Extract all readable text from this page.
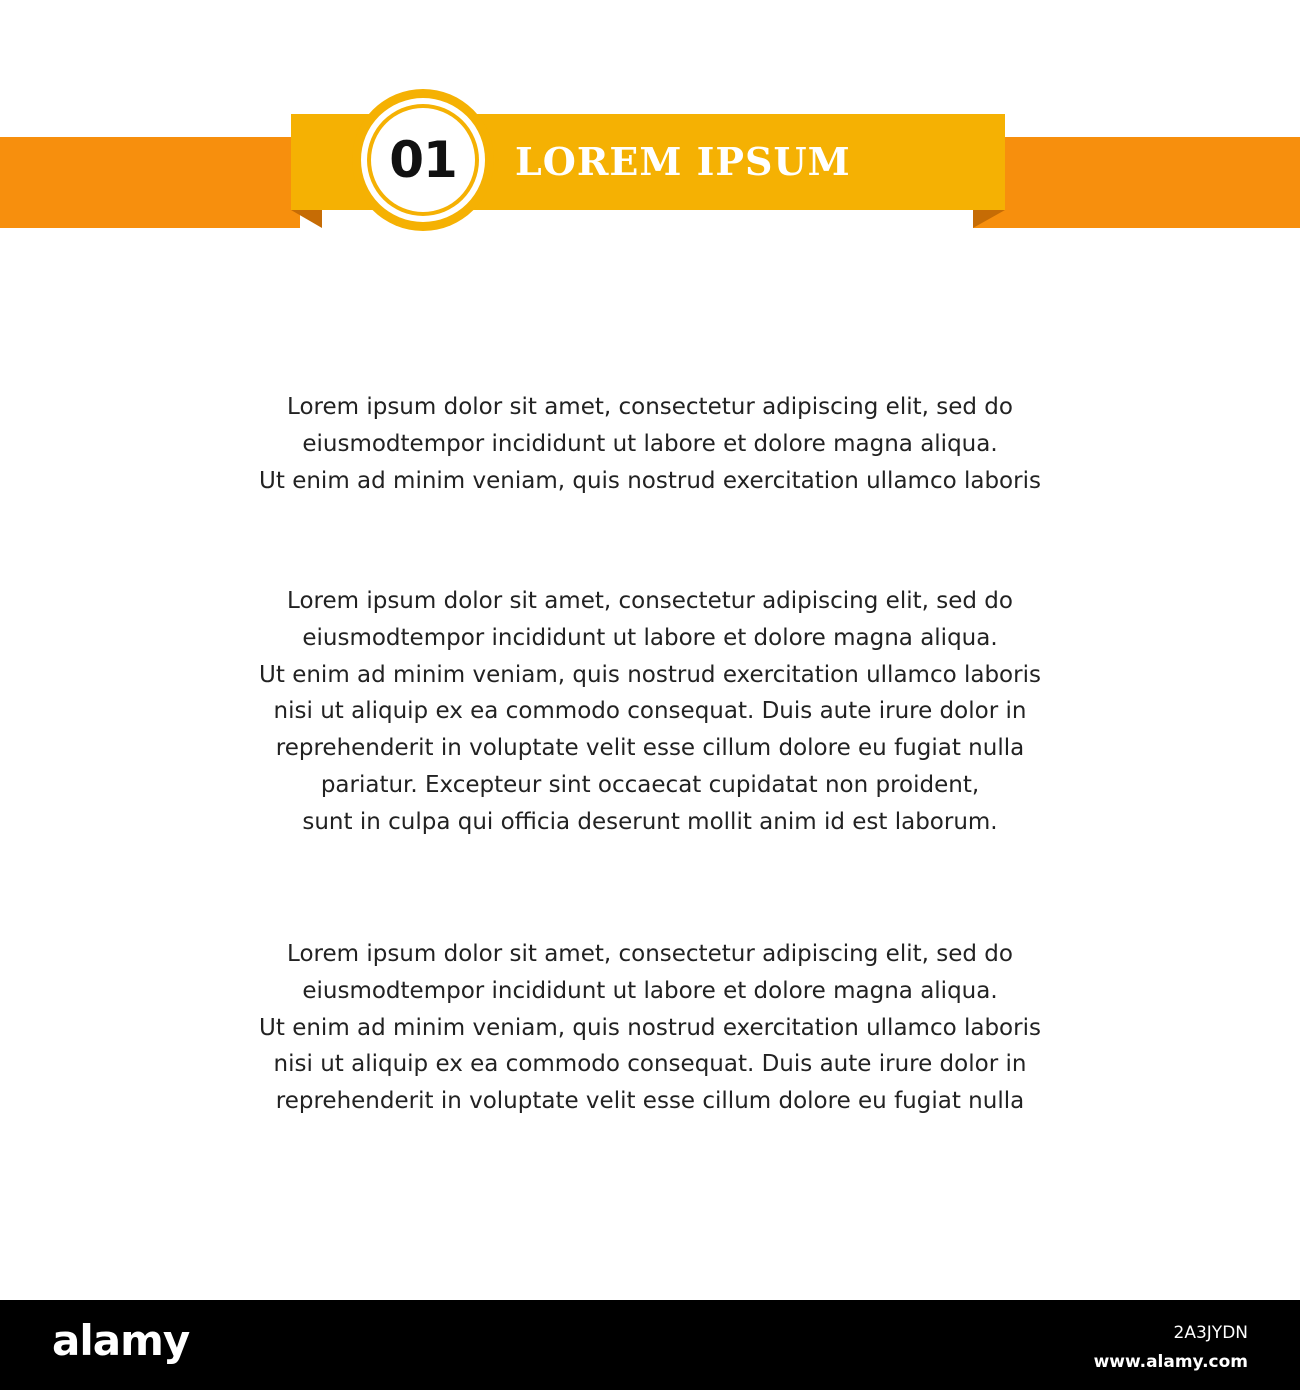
LOREM IPSUM
01
Lorem ipsum dolor sit amet, consectetur adipiscing elit, sed do
eiusmodtempor incididunt ut labore et dolore magna aliqua.
Ut enim ad minim veniam, quis nostrud exercitation ullamco laboris
Lorem ipsum dolor sit amet, consectetur adipiscing elit, sed do
eiusmodtempor incididunt ut labore et dolore magna aliqua.
Ut enim ad minim veniam, quis nostrud exercitation ullamco laboris
nisi ut aliquip ex ea commodo consequat. Duis aute irure dolor in
reprehenderit in voluptate velit esse cillum dolore eu fugiat nulla
pariatur. Excepteur sint occaecat cupidatat non proident,
sunt in culpa qui officia deserunt mollit anim id est laborum.
Lorem ipsum dolor sit amet, consectetur adipiscing elit, sed do
eiusmodtempor incididunt ut labore et dolore magna aliqua.
Ut enim ad minim veniam, quis nostrud exercitation ullamco laboris
nisi ut aliquip ex ea commodo consequat. Duis aute irure dolor in
reprehenderit in voluptate velit esse cillum dolore eu fugiat nulla
alamy	2A3JYDN
www.alamy.com
